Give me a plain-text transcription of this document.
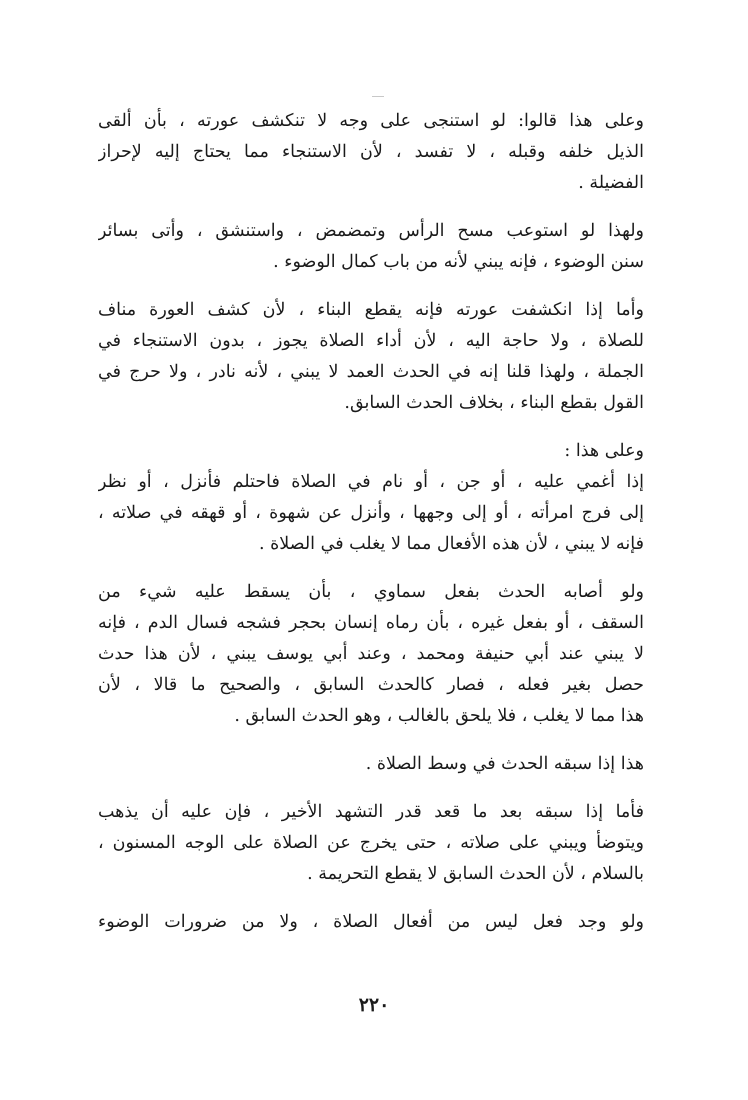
وعلى هذا قالوا: لو استنجى على وجه لا تنكشف عورته ، بأن ألقى
الذيل خلفه وقبله ، لا تفسد ، لأن الاستنجاء مما يحتاج إليه لإحراز
الفضيلة .
ولهذا لو استوعب مسح الرأس وتمضمض ، واستنشق ، وأتى بسائر
سنن الوضوء ، فإنه يبني لأنه من باب كمال الوضوء .
وأما إذا انكشفت عورته فإنه يقطع البناء ، لأن كشف العورة مناف
للصلاة ، ولا حاجة اليه ، لأن أداء الصلاة يجوز ، بدون الاستنجاء في
الجملة ، ولهذا قلنا إنه في الحدث العمد لا يبني ، لأنه نادر ، ولا حرج في
القول بقطع البناء ، بخلاف الحدث السابق.
وعلى هذا :
إذا أغمي عليه ، أو جن ، أو نام في الصلاة فاحتلم فأنزل ، أو نظر
إلى فرج امرأته ، أو إلى وجهها ، وأنزل عن شهوة ، أو قهقه في صلاته ،
فإنه لا يبني ، لأن هذه الأفعال مما لا يغلب في الصلاة .
ولو أصابه الحدث بفعل سماوي ، بأن يسقط عليه شيء من
السقف ، أو بفعل غيره ، بأن رماه إنسان بحجر فشجه فسال الدم ، فإنه
لا يبني عند أبي حنيفة ومحمد ، وعند أبي يوسف يبني ، لأن هذا حدث
حصل بغير فعله ، فصار كالحدث السابق ، والصحيح ما قالا ، لأن
هذا مما لا يغلب ، فلا يلحق بالغالب ، وهو الحدث السابق .
هذا إذا سبقه الحدث في وسط الصلاة .
فأما إذا سبقه بعد ما قعد قدر التشهد الأخير ، فإن عليه أن يذهب
ويتوضأ ويبني على صلاته ، حتى يخرج عن الصلاة على الوجه المسنون ،
بالسلام ، لأن الحدث السابق لا يقطع التحريمة .
ولو وجد فعل ليس من أفعال الصلاة ، ولا من ضرورات الوضوء
٢٢٠
